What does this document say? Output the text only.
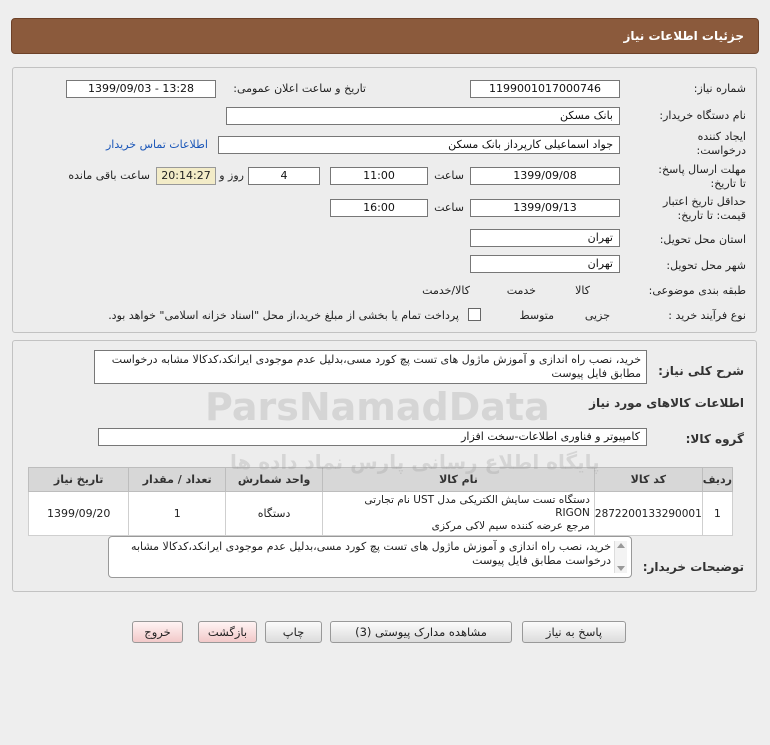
جزئیات اطلاعات نیاز
شماره نیاز:
1199001017000746
تاریخ و ساعت اعلان عمومی:
1399/09/03 - 13:28
نام دستگاه خریدار:
بانک مسکن
ایجاد کننده
درخواست:
جواد اسماعیلی کارپرداز بانک مسکن
اطلاعات تماس خریدار
مهلت ارسال پاسخ:
تا تاریخ:
1399/09/08
ساعت
11:00
4
روز و
20:14:27
ساعت باقی مانده
حداقل تاریخ اعتبار
قیمت: تا تاریخ:
1399/09/13
ساعت
16:00
استان محل تحویل:
تهران
شهر محل تحویل:
تهران
طبقه بندی موضوعی:

کالا

خدمت

کالا/خدمت
نوع فرآیند خرید :

جزیی
متوسط
پرداخت تمام یا بخشی از مبلغ خرید،از محل "اسناد خزانه اسلامی" خواهد بود.
شرح کلی نیاز:
خرید، نصب راه اندازی و آموزش ماژول های تست پچ کورد مسی،بدلیل عدم موجودی ایرانکد،کدکالا مشابه درخواست مطابق فایل پیوست
اطلاعات کالاهای مورد نیاز
گروه کالا:
کامپیوتر و فناوری اطلاعات-سخت افزار
ردیف	کد کالا	نام کالا	واحد شمارش	تعداد / مقدار	تاریخ نیاز
1	2872200133290001	دستگاه تست سایش الکتریکی مدل UST نام تجارتی RIGON
مرجع عرضه کننده سیم لاکی مرکزی	دستگاه	1	1399/09/20
توضیحات خریدار:
خرید، نصب راه اندازی و آموزش ماژول های تست پچ کورد مسی،بدلیل عدم موجودی ایرانکد،کدکالا مشابه درخواست مطابق فایل پیوست
پاسخ به نیاز
مشاهده مدارک پیوستی (3)
چاپ
بازگشت
خروج
ParsNamadData
پایگاه اطلاع رسانی پارس نماد داده ها
